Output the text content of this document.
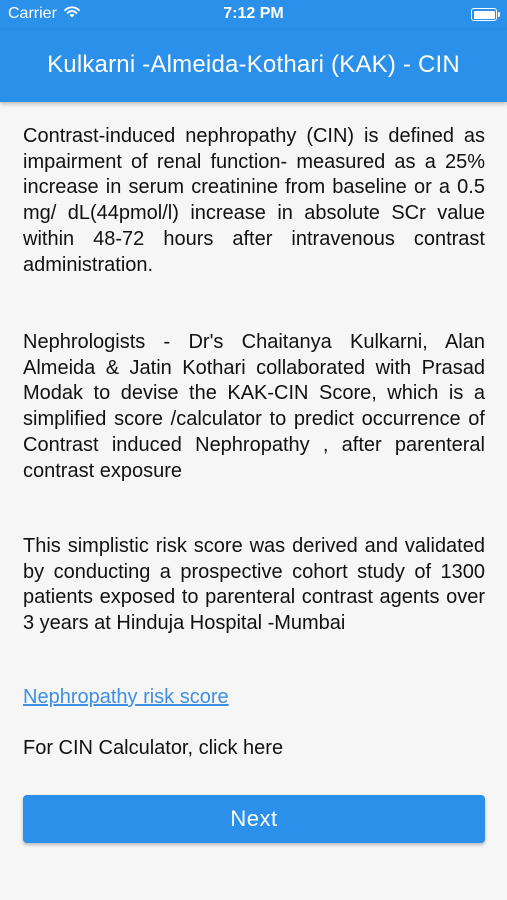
Carrier	7:12 PM
Kulkarni -Almeida-Kothari (KAK) - CIN

Contrast-induced nephropathy (CIN) is defined as impairment of renal function- measured as a 25% increase in serum creatinine from baseline or a 0.5 mg/ dL(44pmol/l) increase in absolute SCr value within 48-72 hours after intravenous contrast administration.

Nephrologists - Dr's Chaitanya Kulkarni, Alan Almeida & Jatin Kothari collaborated with Prasad Modak to devise the KAK-CIN Score, which is a simplified score /calculator to predict occurrence of Contrast induced Nephropathy , after parenteral contrast exposure

This simplistic risk score was derived and validated by conducting a prospective cohort study of 1300 patients exposed to parenteral contrast agents over 3 years at Hinduja Hospital -Mumbai

Nephropathy risk score
For CIN Calculator, click here
Next
